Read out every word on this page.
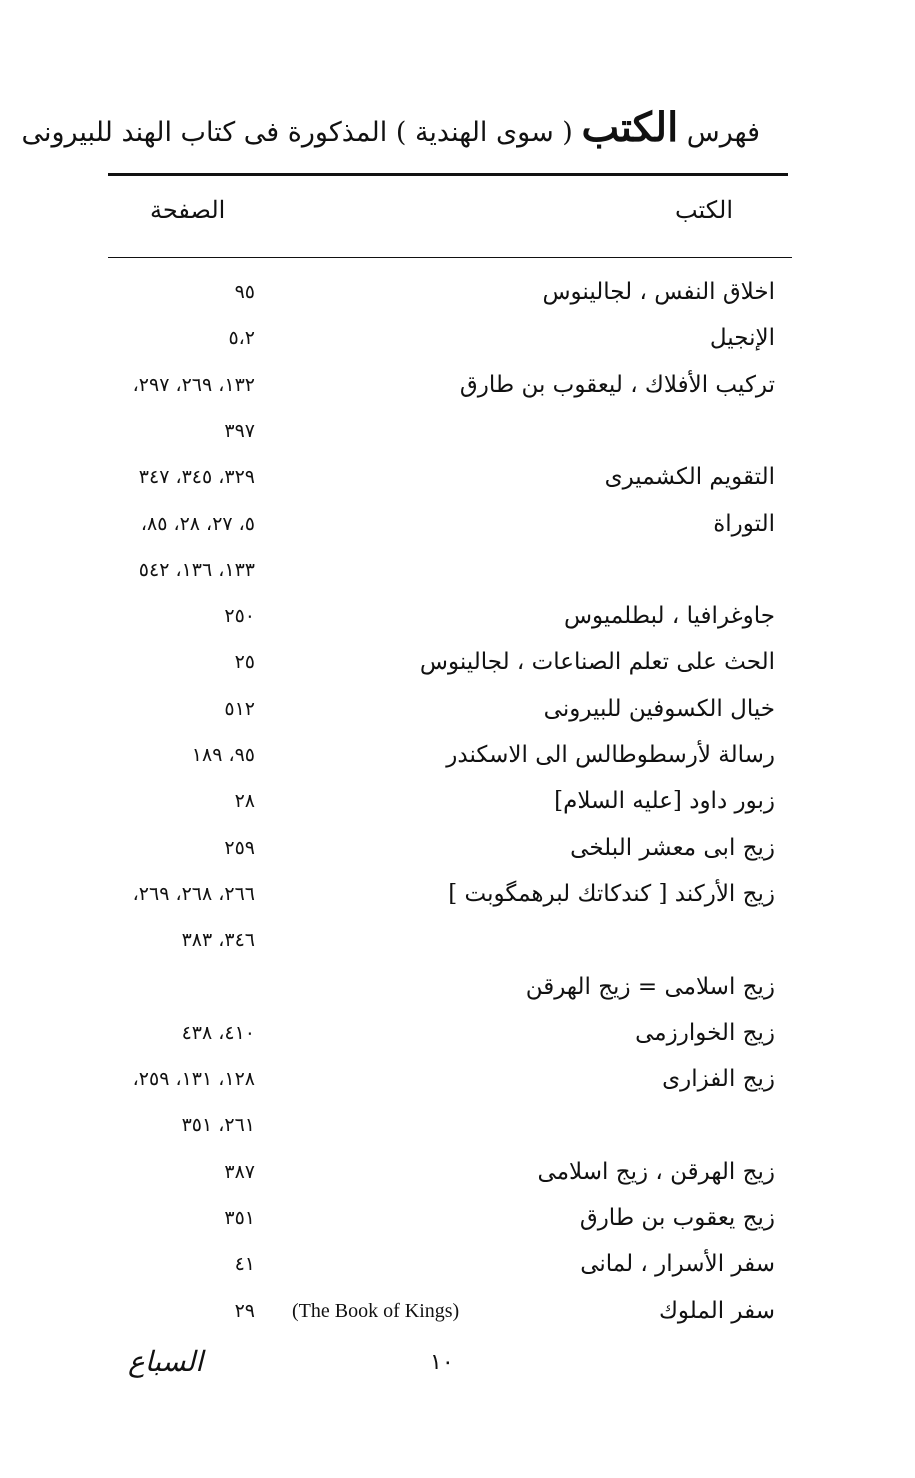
فهرس الكتب ( سوى الهندية ) المذكورة فى كتاب الهند للبيرونى
الكتب
الصفحة
اخلاق النفس ، لجالينوس
٩٥
الإنجيل
٥،٢
تركيب الأفلاك ، ليعقوب بن طارق
١٣٢، ٢٦٩، ٢٩٧،
٣٩٧
التقويم الكشميرى
٣٢٩، ٣٤٥، ٣٤٧
التوراة
٥، ٢٧، ٢٨، ٨٥،
١٣٣، ١٣٦، ٥٤٢
جاوغرافيا ، لبطلميوس
٢٥٠
الحث على تعلم الصناعات ، لجالينوس
٢٥
خيال الكسوفين للبيرونى
٥١٢
رسالة لأرسطوطالس الى الاسكندر
٩٥، ١٨٩
زبور داود [عليه السلام]
٢٨
زيج ابى معشر البلخى
٢٥٩
زيج الأركند [ كندكاتك لبرهمگوبت ]
٢٦٦، ٢٦٨، ٢٦٩،
٣٤٦، ٣٨٣
زيج اسلامى = زيج الهرقن
زيج الخوارزمى
٤١٠، ٤٣٨
زيج الفزارى
١٢٨، ١٣١، ٢٥٩،
٢٦١، ٣٥١
زيج الهرقن ، زيج اسلامى
٣٨٧
زيج يعقوب بن طارق
٣٥١
سفر الأسرار ، لمانى
٤١
سفر الملوك
٢٩ (The Book of Kings)
١٠
السباع
